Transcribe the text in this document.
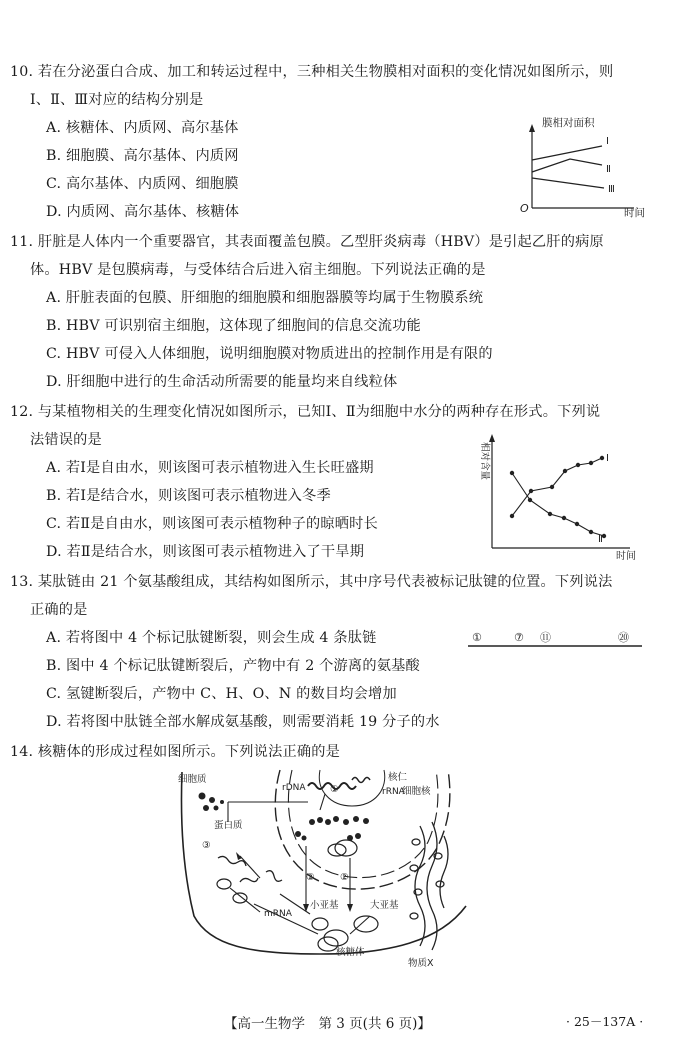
10. 若在分泌蛋白合成、加工和转运过程中，三种相关生物膜相对面积的变化情况如图所示，则
Ⅰ、Ⅱ、Ⅲ对应的结构分别是
A. 核糖体、内质网、高尔基体
B. 细胞膜、高尔基体、内质网
C. 高尔基体、内质网、细胞膜
D. 内质网、高尔基体、核糖体
膜相对面积
O	时间
Ⅰ
Ⅱ
Ⅲ
11. 肝脏是人体内一个重要器官，其表面覆盖包膜。乙型肝炎病毒（HBV）是引起乙肝的病原
体。HBV 是包膜病毒，与受体结合后进入宿主细胞。下列说法正确的是
A. 肝脏表面的包膜、肝细胞的细胞膜和细胞器膜等均属于生物膜系统
B. HBV 可识别宿主细胞，这体现了细胞间的信息交流功能
C. HBV 可侵入人体细胞，说明细胞膜对物质进出的控制作用是有限的
D. 肝细胞中进行的生命活动所需要的能量均来自线粒体
12. 与某植物相关的生理变化情况如图所示，已知Ⅰ、Ⅱ为细胞中水分的两种存在形式。下列说
法错误的是
A. 若Ⅰ是自由水，则该图可表示植物进入生长旺盛期
B. 若Ⅰ是结合水，则该图可表示植物进入冬季
C. 若Ⅱ是自由水，则该图可表示植物种子的晾晒时长
D. 若Ⅱ是结合水，则该图可表示植物进入了干旱期
相对含量
时间
Ⅰ
Ⅱ
13. 某肽链由 21 个氨基酸组成，其结构如图所示，其中序号代表被标记肽键的位置。下列说法
正确的是
A. 若将图中 4 个标记肽键断裂，则会生成 4 条肽链
B. 图中 4 个标记肽键断裂后，产物中有 2 个游离的氨基酸
C. 氢键断裂后，产物中 C、H、O、N 的数目均会增加
D. 若将图中肽链全部水解成氨基酸，则需要消耗 19 分子的水
①	⑦ ⑪	⑳
14. 核糖体的形成过程如图所示。下列说法正确的是
细胞质
rDNA	①
核仁
rRNA
细胞核
蛋白质
③
②	②
mRNA
小亚基	大亚基
核糖体
物质X
【高一生物学　第 3 页(共 6 页)】	· 25－137A ·
